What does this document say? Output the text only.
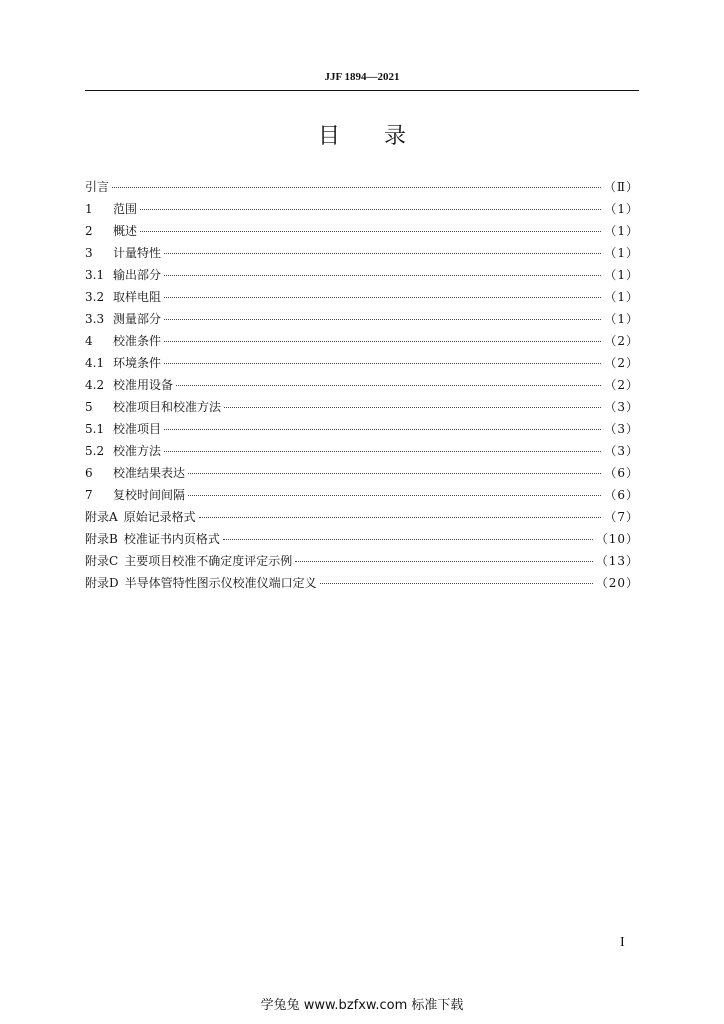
JJF 1894—2021
目录
引言	（Ⅱ）
1 范围	（1）
2 概述	（1）
3 计量特性	（1）
3.1 输出部分	（1）
3.2 取样电阻	（1）
3.3 测量部分	（1）
4 校准条件	（2）
4.1 环境条件	（2）
4.2 校准用设备	（2）
5 校准项目和校准方法	（3）
5.1 校准项目	（3）
5.2 校准方法	（3）
6 校准结果表达	（6）
7 复校时间间隔	（6）
附录A 原始记录格式	（7）
附录B 校准证书内页格式	（10）
附录C 主要项目校准不确定度评定示例	（13）
附录D 半导体管特性图示仪校准仪端口定义	（20）
I
学兔兔 www.bzfxw.com 标准下载
